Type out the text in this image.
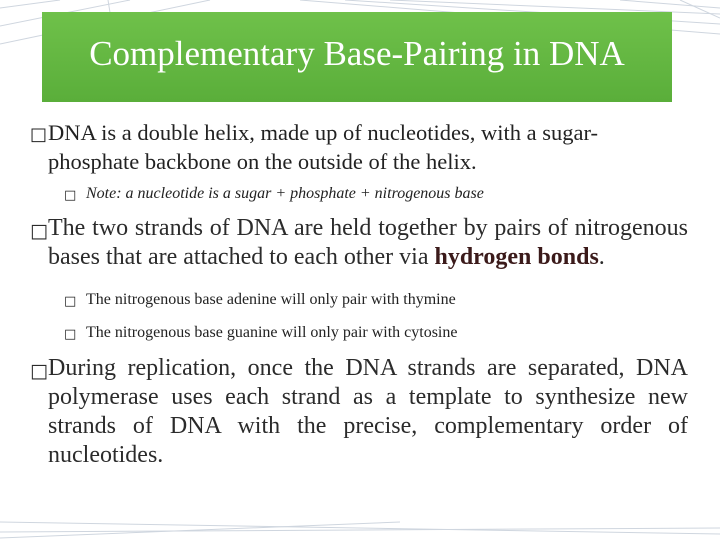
Complementary Base-Pairing in DNA
□ DNA is a double helix, made up of nucleotides, with a sugar-phosphate backbone on the outside of the helix.
□ Note: a nucleotide is a sugar + phosphate + nitrogenous base
□ The two strands of DNA are held together by pairs of nitrogenous bases that are attached to each other via hydrogen bonds.
□ The nitrogenous base adenine will only pair with thymine
□ The nitrogenous base guanine will only pair with cytosine
□ During replication, once the DNA strands are separated, DNA polymerase uses each strand as a template to synthesize new strands of DNA with the precise, complementary order of nucleotides.
